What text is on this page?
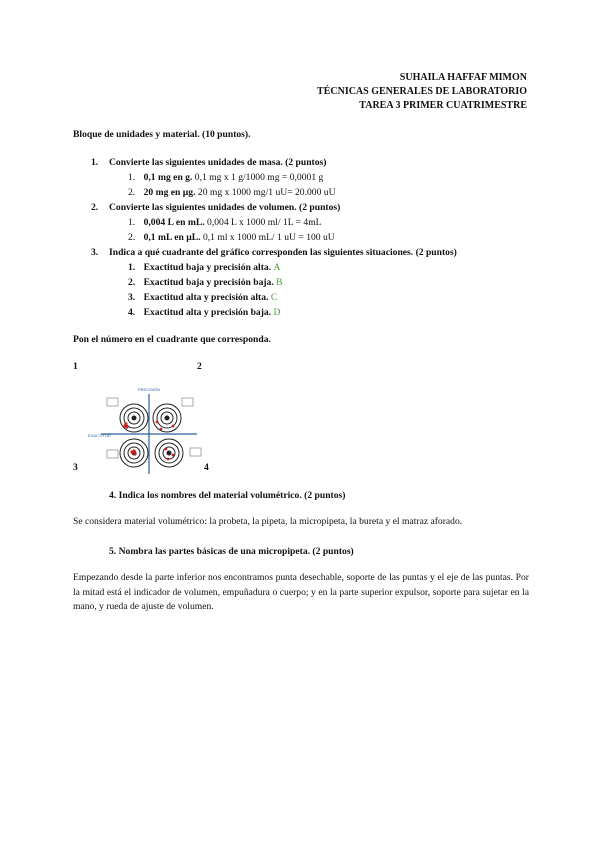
SUHAILA HAFFAF MIMON
TÉCNICAS GENERALES DE LABORATORIO
TAREA 3 PRIMER CUATRIMESTRE
Bloque de unidades y material. (10 puntos).
1. Convierte las siguientes unidades de masa. (2 puntos)
1. 0,1 mg en g. 0,1 mg x 1 g/1000 mg = 0,0001 g
2. 20 mg en µg. 20 mg x 1000 mg/1 uU= 20.000 uU
2. Convierte las siguientes unidades de volumen. (2 puntos)
1. 0,004 L en mL. 0,004 L x 1000 ml/ 1L = 4mL
2. 0,1 mL en µL. 0,1 ml x 1000 mL/ 1 uU = 100 uU
3. Indica a qué cuadrante del gráfico corresponden las siguientes situaciones. (2 puntos)
1. Exactitud baja y precisión alta. A
2. Exactitud baja y precisión baja. B
3. Exactitud alta y precisión alta. C
4. Exactitud alta y precisión baja. D
Pon el número en el cuadrante que corresponda.
1	2
3	4
PRECISIÓN
EXACTITUD
4. Indica los nombres del material volumétrico. (2 puntos)
Se considera material volumétrico: la probeta, la pipeta, la micropipeta, la bureta y el matraz aforado.
5. Nombra las partes básicas de una micropipeta. (2 puntos)
Empezando desde la parte inferior nos encontramos punta desechable, soporte de las puntas y el eje de las puntas. Por la mitad está el indicador de volumen, empuñadura o cuerpo; y en la parte superior expulsor, soporte para sujetar en la mano, y rueda de ajuste de volumen.
